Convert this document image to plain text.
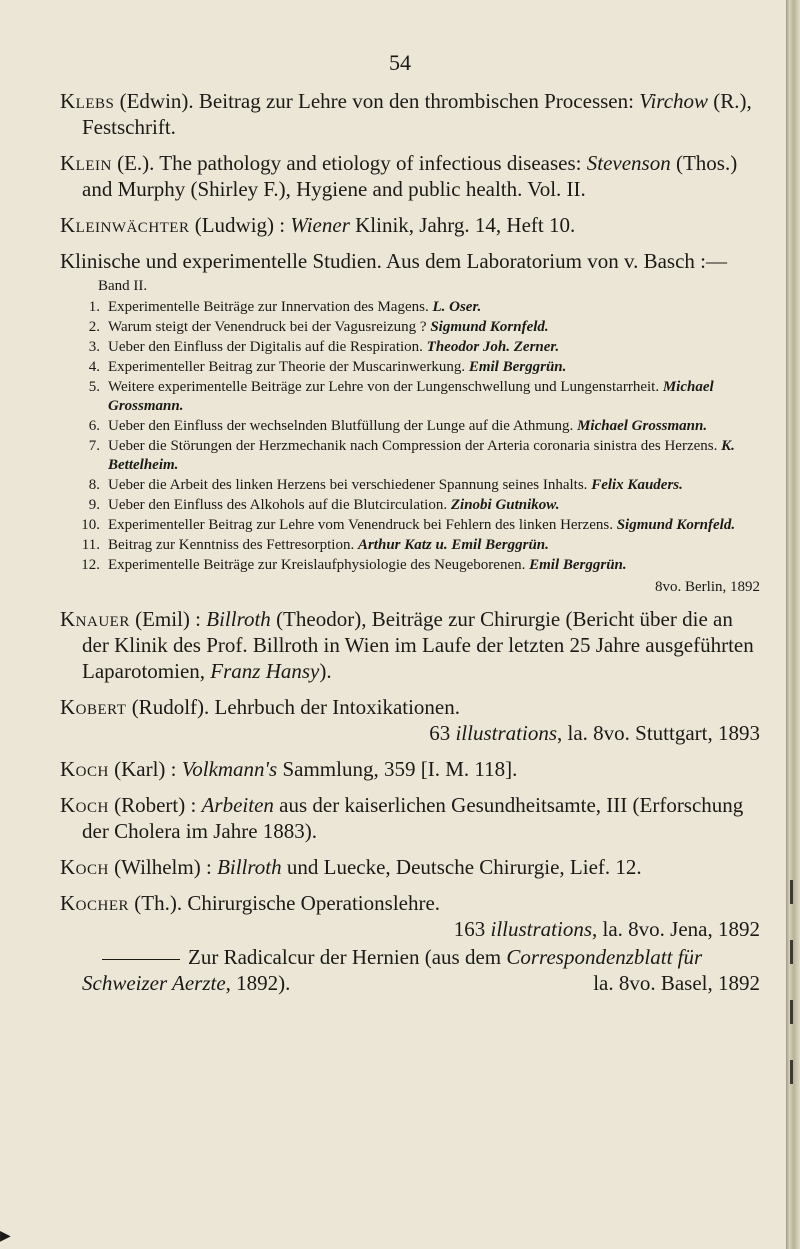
54

Klebs (Edwin). Beitrag zur Lehre von den thrombischen Processen: Virchow (R.), Festschrift.

Klein (E.). The pathology and etiology of infectious diseases: Stevenson (Thos.) and Murphy (Shirley F.), Hygiene and public health. Vol. II.

Kleinwächter (Ludwig) : Wiener Klinik, Jahrg. 14, Heft 10.

Klinische und experimentelle Studien. Aus dem Laboratorium von v. Basch :—

Band II.
1. Experimentelle Beiträge zur Innervation des Magens. L. Oser.
2. Warum steigt der Venendruck bei der Vagusreizung ? Sigmund Kornfeld.
3. Ueber den Einfluss der Digitalis auf die Respiration. Theodor Joh. Zerner.
4. Experimenteller Beitrag zur Theorie der Muscarinwerkung. Emil Berggrün.
5. Weitere experimentelle Beiträge zur Lehre von der Lungenschwellung und Lungenstarrheit. Michael Grossmann.
6. Ueber den Einfluss der wechselnden Blutfüllung der Lunge auf die Athmung. Michael Grossmann.
7. Ueber die Störungen der Herzmechanik nach Compression der Arteria coronaria sinistra des Herzens. K. Bettelheim.
8. Ueber die Arbeit des linken Herzens bei verschiedener Spannung seines Inhalts. Felix Kauders.
9. Ueber den Einfluss des Alkohols auf die Blutcirculation. Zinobi Gutnikow.
10. Experimenteller Beitrag zur Lehre vom Venendruck bei Fehlern des linken Herzens. Sigmund Kornfeld.
11. Beitrag zur Kenntniss des Fettresorption. Arthur Katz u. Emil Berggrün.
12. Experimentelle Beiträge zur Kreislaufphysiologie des Neugeborenen. Emil Berggrün.
8vo. Berlin, 1892

Knauer (Emil) : Billroth (Theodor), Beiträge zur Chirurgie (Bericht über die an der Klinik des Prof. Billroth in Wien im Laufe der letzten 25 Jahre ausgeführten Laparotomien, Franz Hansy).

Kobert (Rudolf). Lehrbuch der Intoxikationen.
63 illustrations, la. 8vo. Stuttgart, 1893

Koch (Karl) : Volkmann's Sammlung, 359 [I. M. 118].

Koch (Robert) : Arbeiten aus der kaiserlichen Gesundheitsamte, III (Erforschung der Cholera im Jahre 1883).

Koch (Wilhelm) : Billroth und Luecke, Deutsche Chirurgie, Lief. 12.

Kocher (Th.). Chirurgische Operationslehre.
163 illustrations, la. 8vo. Jena, 1892
Zur Radicalcur der Hernien (aus dem Correspondenzblatt für Schweizer Aerzte, 1892).	la. 8vo. Basel, 1892
▶
